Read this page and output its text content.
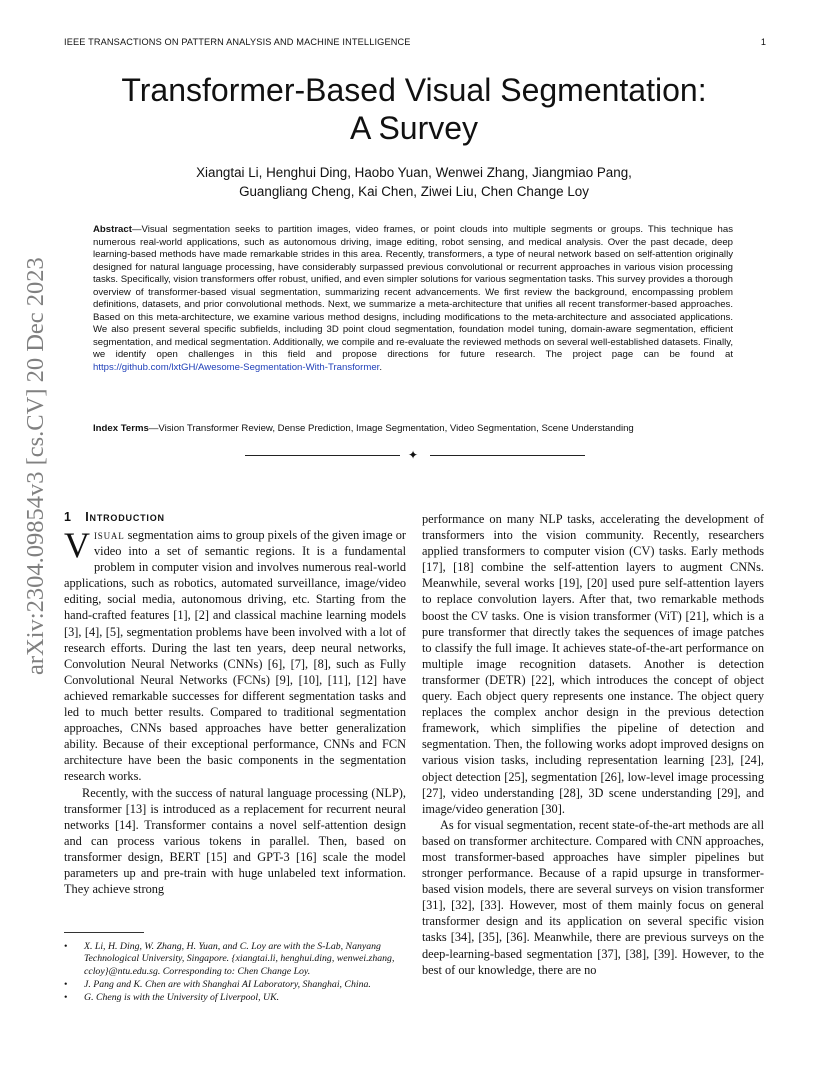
IEEE TRANSACTIONS ON PATTERN ANALYSIS AND MACHINE INTELLIGENCE	1
arXiv:2304.09854v3 [cs.CV] 20 Dec 2023
Transformer-Based Visual Segmentation:
A Survey
Xiangtai Li, Henghui Ding, Haobo Yuan, Wenwei Zhang, Jiangmiao Pang,
Guangliang Cheng, Kai Chen, Ziwei Liu, Chen Change Loy
Abstract—Visual segmentation seeks to partition images, video frames, or point clouds into multiple segments or groups. This technique has numerous real-world applications, such as autonomous driving, image editing, robot sensing, and medical analysis. Over the past decade, deep learning-based methods have made remarkable strides in this area. Recently, transformers, a type of neural network based on self-attention originally designed for natural language processing, have considerably surpassed previous convolutional or recurrent approaches in various vision processing tasks. Specifically, vision transformers offer robust, unified, and even simpler solutions for various segmentation tasks. This survey provides a thorough overview of transformer-based visual segmentation, summarizing recent advancements. We first review the background, encompassing problem definitions, datasets, and prior convolutional methods. Next, we summarize a meta-architecture that unifies all recent transformer-based approaches. Based on this meta-architecture, we examine various method designs, including modifications to the meta-architecture and associated applications. We also present several specific subfields, including 3D point cloud segmentation, foundation model tuning, domain-aware segmentation, efficient segmentation, and medical segmentation. Additionally, we compile and re-evaluate the reviewed methods on several well-established datasets. Finally, we identify open challenges in this field and propose directions for future research. The project page can be found at https://github.com/lxtGH/Awesome-Segmentation-With-Transformer.
Index Terms—Vision Transformer Review, Dense Prediction, Image Segmentation, Video Segmentation, Scene Understanding
✦
1 Introduction

Visual segmentation aims to group pixels of the given image or video into a set of semantic regions. It is a fundamental problem in computer vision and involves numerous real-world applications, such as robotics, automated surveillance, image/video editing, social media, autonomous driving, etc. Starting from the hand-crafted features [1], [2] and classical machine learning models [3], [4], [5], segmentation problems have been involved with a lot of research efforts. During the last ten years, deep neural networks, Convolution Neural Networks (CNNs) [6], [7], [8], such as Fully Convolutional Neural Networks (FCNs) [9], [10], [11], [12] have achieved remarkable successes for different segmentation tasks and led to much better results. Compared to traditional segmentation approaches, CNNs based approaches have better generalization ability. Because of their exceptional performance, CNNs and FCN architecture have been the basic components in the segmentation research works.

Recently, with the success of natural language processing (NLP), transformer [13] is introduced as a replacement for recurrent neural networks [14]. Transformer contains a novel self-attention design and can process various tokens in parallel. Then, based on transformer design, BERT [15] and GPT-3 [16] scale the model parameters up and pre-train with huge unlabeled text information. They achieve strong

performance on many NLP tasks, accelerating the development of transformers into the vision community. Recently, researchers applied transformers to computer vision (CV) tasks. Early methods [17], [18] combine the self-attention layers to augment CNNs. Meanwhile, several works [19], [20] used pure self-attention layers to replace convolution layers. After that, two remarkable methods boost the CV tasks. One is vision transformer (ViT) [21], which is a pure transformer that directly takes the sequences of image patches to classify the full image. It achieves state-of-the-art performance on multiple image recognition datasets. Another is detection transformer (DETR) [22], which introduces the concept of object query. Each object query represents one instance. The object query replaces the complex anchor design in the previous detection framework, which simplifies the pipeline of detection and segmentation. Then, the following works adopt improved designs on various vision tasks, including representation learning [23], [24], object detection [25], segmentation [26], low-level image processing [27], video understanding [28], 3D scene understanding [29], and image/video generation [30].

As for visual segmentation, recent state-of-the-art methods are all based on transformer architecture. Compared with CNN approaches, most transformer-based approaches have simpler pipelines but stronger performance. Because of a rapid upsurge in transformer-based vision models, there are several surveys on vision transformer [31], [32], [33]. However, most of them mainly focus on general transformer design and its application on several specific vision tasks [34], [35], [36]. Meanwhile, there are previous surveys on the deep-learning-based segmentation [37], [38], [39]. However, to the best of our knowledge, there are no

• X. Li, H. Ding, W. Zhang, H. Yuan, and C. Loy are with the S-Lab, Nanyang Technological University, Singapore. {xiangtai.li, henghui.ding, wenwei.zhang, ccloy}@ntu.edu.sg. Corresponding to: Chen Change Loy.
• J. Pang and K. Chen are with Shanghai AI Laboratory, Shanghai, China.
• G. Cheng is with the University of Liverpool, UK.
